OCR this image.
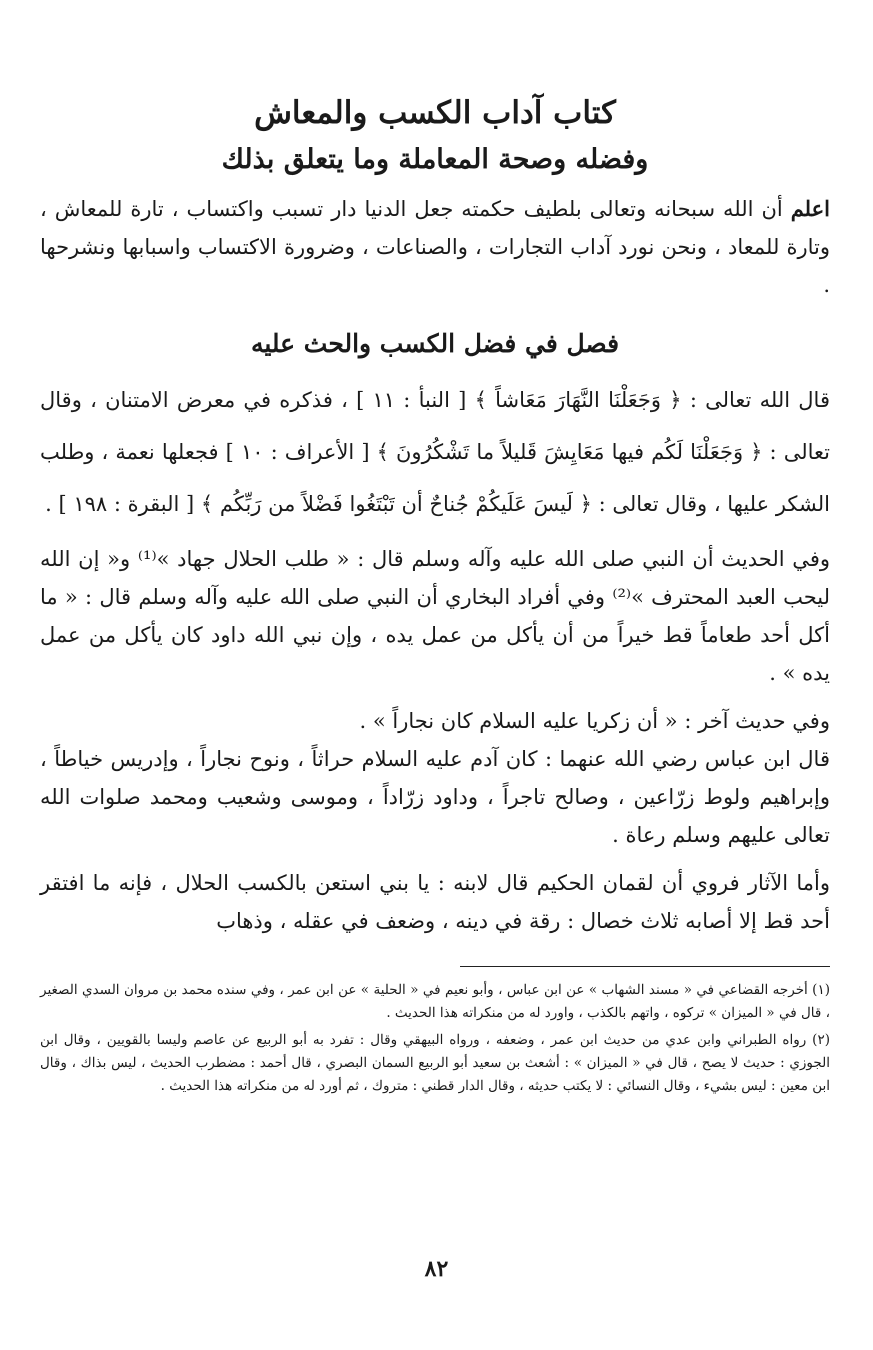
كتاب آداب الكسب والمعاش
وفضله وصحة المعاملة وما يتعلق بذلك

اعلم أن الله سبحانه وتعالى بلطيف حكمته جعل الدنيا دار تسبب واكتساب ، تارة للمعاش ، وتارة للمعاد ، ونحن نورد آداب التجارات ، والصناعات ، وضرورة الاكتساب واسبابها ونشرحها .

فصل في فضل الكسب والحث عليه

قال الله تعالى : ﴿ وَجَعَلْنَا النَّهَارَ مَعَاشاً ﴾ [ النبأ : ١١ ] ، فذكره في معرض الامتنان ، وقال تعالى : ﴿ وَجَعَلْنَا لَكُم فيها مَعَايِشَ قَليلاً ما تَشْكُرُونَ ﴾ [ الأعراف : ١٠ ] فجعلها نعمة ، وطلب الشكر عليها ، وقال تعالى : ﴿ لَيسَ عَلَيكُمْ جُناحٌ أن تَبْتَغُوا فَضْلاً من رَبِّكُم ﴾ [ البقرة : ١٩٨ ] .

وفي الحديث أن النبي صلى الله عليه وآله وسلم قال : « طلب الحلال جهاد »⁽¹⁾ و« إن الله ليحب العبد المحترف »⁽²⁾ وفي أفراد البخاري أن النبي صلى الله عليه وآله وسلم قال : « ما أكل أحد طعاماً قط خيراً من أن يأكل من عمل يده ، وإن نبي الله داود كان يأكل من عمل يده » .

وفي حديث آخر : « أن زكريا عليه السلام كان نجاراً » .

قال ابن عباس رضي الله عنهما : كان آدم عليه السلام حراثاً ، ونوح نجاراً ، وإدريس خياطاً ، وإبراهيم ولوط زرّاعين ، وصالح تاجراً ، وداود زرّاداً ، وموسى وشعيب ومحمد صلوات الله تعالى عليهم وسلم رعاة .

وأما الآثار فروي أن لقمان الحكيم قال لابنه : يا بني استعن بالكسب الحلال ، فإنه ما افتقر أحد قط إلا أصابه ثلاث خصال : رقة في دينه ، وضعف في عقله ، وذهاب

(١) أخرجه القضاعي في « مسند الشهاب » عن ابن عباس ، وأبو نعيم في « الحلية » عن ابن عمر ، وفي سنده محمد بن مروان السدي الصغير ، قال في « الميزان » تركوه ، واتهم بالكذب ، واورد له من منكراته هذا الحديث .

(٢) رواه الطبراني وابن عدي من حديث ابن عمر ، وضعفه ، ورواه البيهقي وقال : تفرد به أبو الربيع عن عاصم وليسا بالقويين ، وقال ابن الجوزي : حديث لا يصح ، قال في « الميزان » : أشعث بن سعيد أبو الربيع السمان البصري ، قال أحمد : مضطرب الحديث ، ليس بذاك ، وقال ابن معين : ليس بشيء ، وقال النسائي : لا يكتب حديثه ، وقال الدار قطني : متروك ، ثم أورد له من منكراته هذا الحديث .

٨٢
